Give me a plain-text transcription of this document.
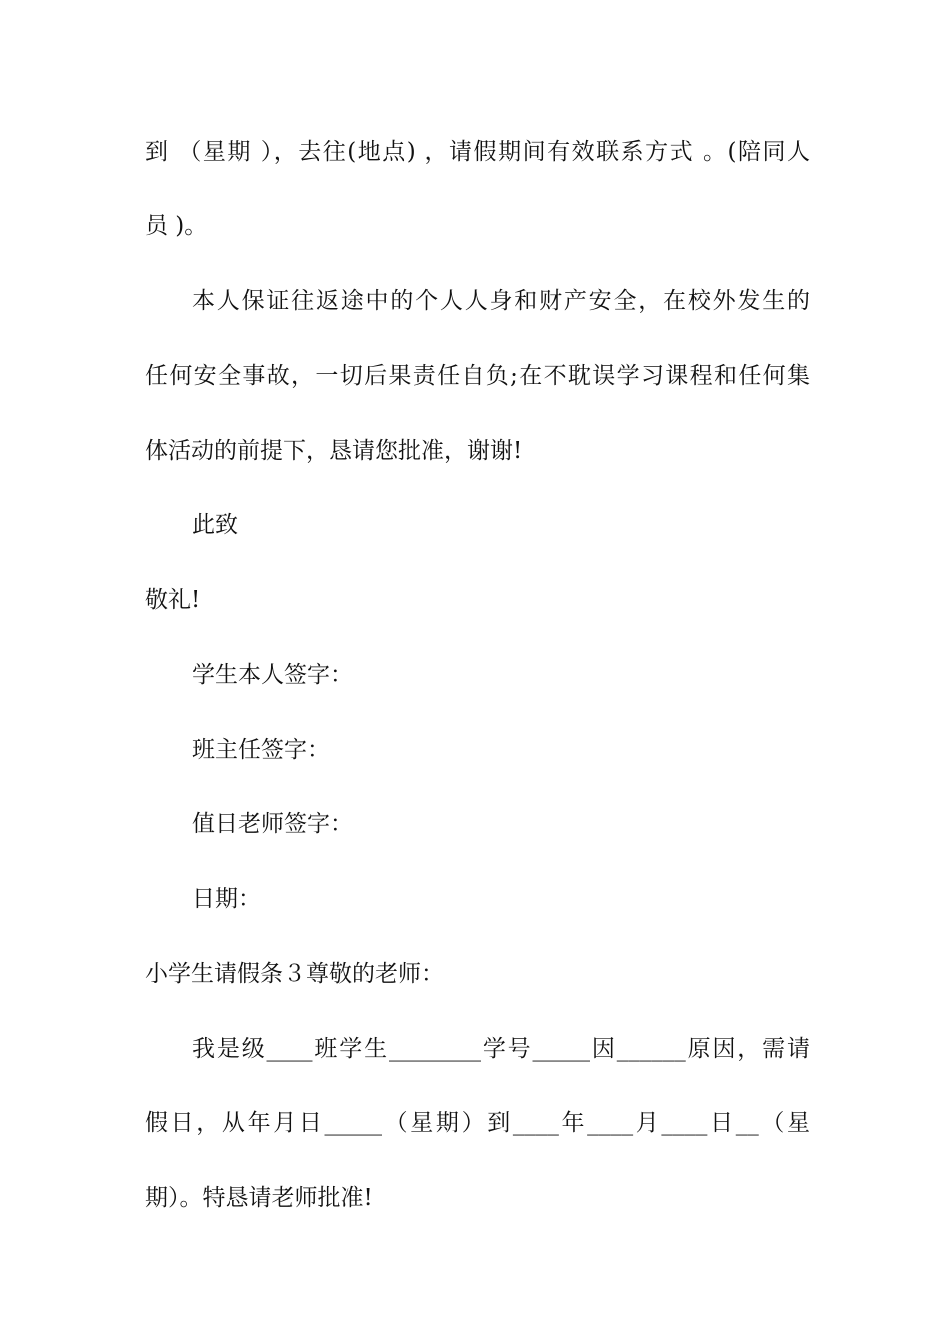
到 （星期 ），去往(地点) ，请假期间有效联系方式 。(陪同人
员 )。
本人保证往返途中的个人人身和财产安全，在校外发生的
任何安全事故，一切后果责任自负;在不耽误学习课程和任何集
体活动的前提下，恳请您批准，谢谢!
此致
敬礼!
学生本人签字：
班主任签字：
值日老师签字：
日期：
小学生请假条３尊敬的老师：
我是级____班学生________学号_____因______原因，需请
假日，从年月日_____（星期）到____年____月____日__（星
期）。特恳请老师批准!
